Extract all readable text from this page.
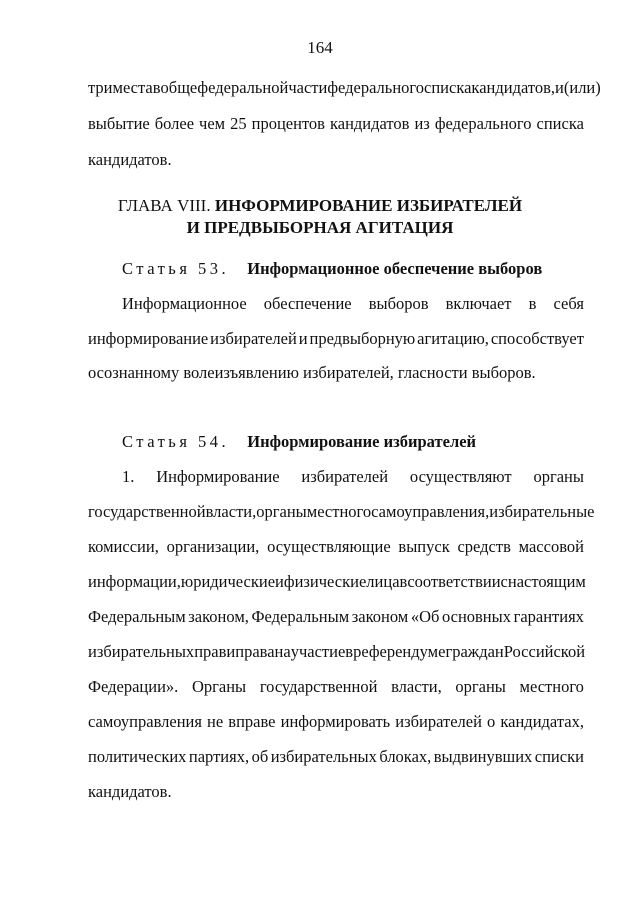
164
три места в общефедеральной части федерального списка кандидатов, и (или)
выбытие более чем 25 процентов кандидатов из федерального списка
кандидатов.
ГЛАВА VIII. ИНФОРМИРОВАНИЕ ИЗБИРАТЕЛЕЙ
И ПРЕДВЫБОРНАЯ АГИТАЦИЯ
Статья 53. Информационное обеспечение выборов
Информационное обеспечение выборов включает в себя
информирование избирателей и предвыборную агитацию, способствует
осознанному волеизъявлению избирателей, гласности выборов.
Статья 54. Информирование избирателей
1. Информирование избирателей осуществляют органы
государственной власти, органы местного самоуправления, избирательные
комиссии, организации, осуществляющие выпуск средств массовой
информации, юридические и физические лица в соответствии с настоящим
Федеральным законом, Федеральным законом «Об основных гарантиях
избирательных прав и права на участие в референдуме граждан Российской
Федерации». Органы государственной власти, органы местного
самоуправления не вправе информировать избирателей о кандидатах,
политических партиях, об избирательных блоках, выдвинувших списки
кандидатов.
